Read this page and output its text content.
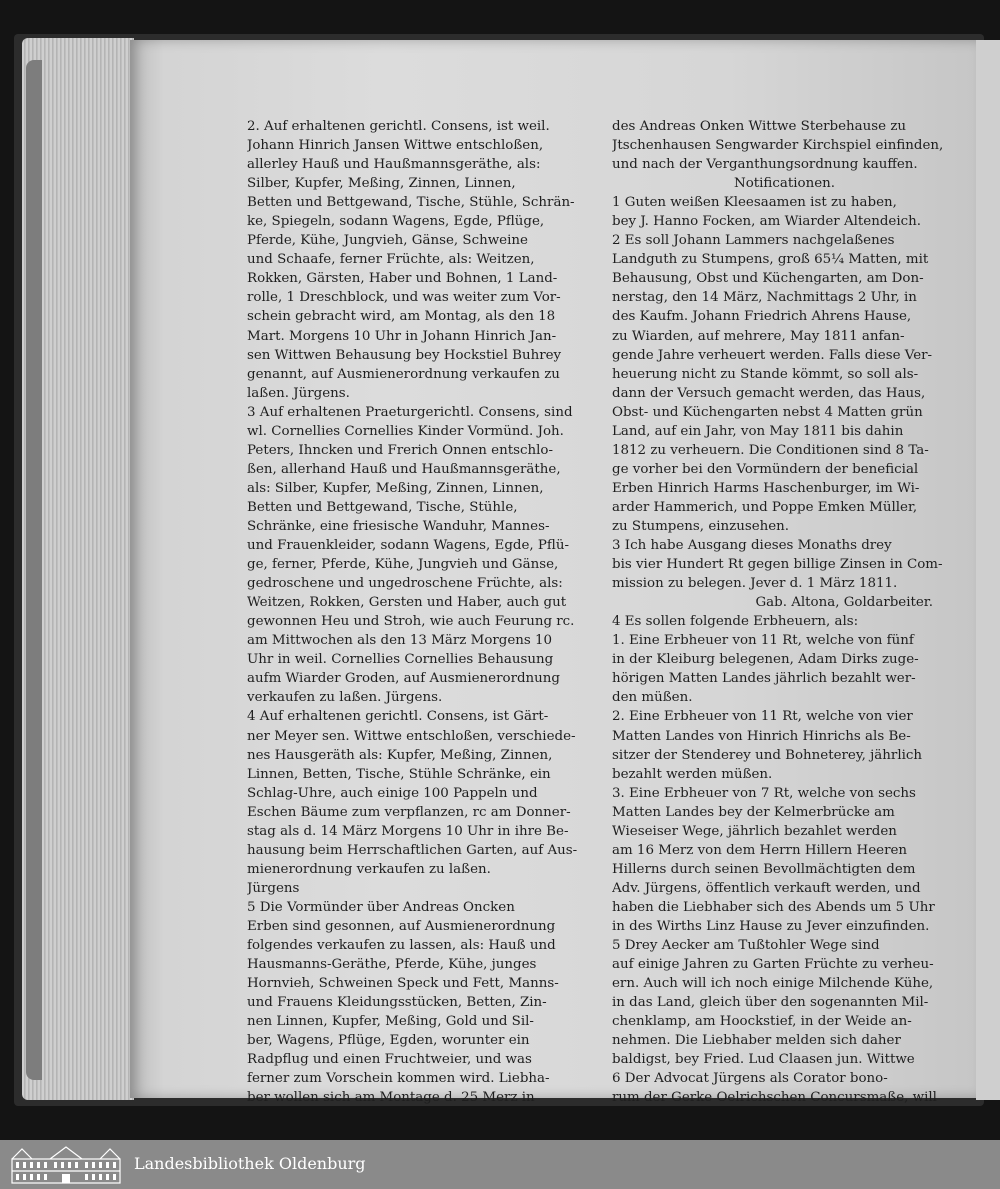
2. Auf erhaltenen gerichtl. Consens, ist weil.
Johann Hinrich Jansen Wittwe entschloßen,
allerley Hauß und Haußmannsgeräthe, als:
Silber, Kupfer, Meßing, Zinnen, Linnen,
Betten und Bettgewand, Tische, Stühle, Schrän-
ke, Spiegeln, sodann Wagens, Egde, Pflüge,
Pferde, Kühe, Jungvieh, Gänse, Schweine
und Schaafe, ferner Früchte, als: Weitzen,
Rokken, Gärsten, Haber und Bohnen, 1 Land-
rolle, 1 Dreschblock, und was weiter zum Vor-
schein gebracht wird, am Montag, als den 18
Mart. Morgens 10 Uhr in Johann Hinrich Jan-
sen Wittwen Behausung bey Hockstiel Buhrey
genannt, auf Ausmienerordnung verkaufen zu
laßen. Jürgens.
3 Auf erhaltenen Praeturgerichtl. Consens, sind
wl. Cornellies Cornellies Kinder Vormünd. Joh.
Peters, Ihncken und Frerich Onnen entschlo-
ßen, allerhand Hauß und Haußmannsgeräthe,
als: Silber, Kupfer, Meßing, Zinnen, Linnen,
Betten und Bettgewand, Tische, Stühle,
Schränke, eine friesische Wanduhr, Mannes-
und Frauenkleider, sodann Wagens, Egde, Pflü-
ge, ferner, Pferde, Kühe, Jungvieh und Gänse,
gedroschene und ungedroschene Früchte, als:
Weitzen, Rokken, Gersten und Haber, auch gut
gewonnen Heu und Stroh, wie auch Feurung rc.
am Mittwochen als den 13 März Morgens 10
Uhr in weil. Cornellies Cornellies Behausung
aufm Wiarder Groden, auf Ausmienerordnung
verkaufen zu laßen. Jürgens.
4 Auf erhaltenen gerichtl. Consens, ist Gärt-
ner Meyer sen. Wittwe entschloßen, verschiede-
nes Hausgeräth als: Kupfer, Meßing, Zinnen,
Linnen, Betten, Tische, Stühle Schränke, ein
Schlag-Uhre, auch einige 100 Pappeln und
Eschen Bäume zum verpflanzen, rc am Donner-
stag als d. 14 März Morgens 10 Uhr in ihre Be-
hausung beim Herrschaftlichen Garten, auf Aus-
mienerordnung verkaufen zu laßen.
Jürgens
5 Die Vormünder über Andreas Oncken
Erben sind gesonnen, auf Ausmienerordnung
folgendes verkaufen zu lassen, als: Hauß und
Hausmanns-Geräthe, Pferde, Kühe, junges
Hornvieh, Schweinen Speck und Fett, Manns-
und Frauens Kleidungsstücken, Betten, Zin-
nen Linnen, Kupfer, Meßing, Gold und Sil-
ber, Wagens, Pflüge, Egden, worunter ein
Radpflug und einen Fruchtweier, und was
ferner zum Vorschein kommen wird. Liebha-
ber wollen sich am Montage d. 25 Merz in
des Andreas Onken Wittwe Sterbehause zu
Jtschenhausen Sengwarder Kirchspiel einfinden,
und nach der Verganthungsordnung kauffen.
Notificationen.
1 Guten weißen Kleesaamen ist zu haben,
bey J. Hanno Focken, am Wiarder Altendeich.
2 Es soll Johann Lammers nachgelaßenes
Landguth zu Stumpens, groß 65¼ Matten, mit
Behausung, Obst und Küchengarten, am Don-
nerstag, den 14 März, Nachmittags 2 Uhr, in
des Kaufm. Johann Friedrich Ahrens Hause,
zu Wiarden, auf mehrere, May 1811 anfan-
gende Jahre verheuert werden. Falls diese Ver-
heuerung nicht zu Stande kömmt, so soll als-
dann der Versuch gemacht werden, das Haus,
Obst- und Küchengarten nebst 4 Matten grün
Land, auf ein Jahr, von May 1811 bis dahin
1812 zu verheuern. Die Conditionen sind 8 Ta-
ge vorher bei den Vormündern der beneficial
Erben Hinrich Harms Haschenburger, im Wi-
arder Hammerich, und Poppe Emken Müller,
zu Stumpens, einzusehen.
3 Ich habe Ausgang dieses Monaths drey
bis vier Hundert Rt gegen billige Zinsen in Com-
mission zu belegen. Jever d. 1 März 1811.
Gab. Altona, Goldarbeiter.
4 Es sollen folgende Erbheuern, als:
1. Eine Erbheuer von 11 Rt, welche von fünf
in der Kleiburg belegenen, Adam Dirks zuge-
hörigen Matten Landes jährlich bezahlt wer-
den müßen.
2. Eine Erbheuer von 11 Rt, welche von vier
Matten Landes von Hinrich Hinrichs als Be-
sitzer der Stenderey und Bohneterey, jährlich
bezahlt werden müßen.
3. Eine Erbheuer von 7 Rt, welche von sechs
Matten Landes bey der Kelmerbrücke am
Wieseiser Wege, jährlich bezahlet werden
am 16 Merz von dem Herrn Hillern Heeren
Hillerns durch seinen Bevollmächtigten dem
Adv. Jürgens, öffentlich verkauft werden, und
haben die Liebhaber sich des Abends um 5 Uhr
in des Wirths Linz Hause zu Jever einzufinden.
5 Drey Aecker am Tußtohler Wege sind
auf einige Jahren zu Garten Früchte zu verheu-
ern. Auch will ich noch einige Milchende Kühe,
in das Land, gleich über den sogenannten Mil-
chenklamp, am Hoockstief, in der Weide an-
nehmen. Die Liebhaber melden sich daher
baldigst, bey Fried. Lud Claasen jun. Wittwe
6 Der Advocat Jürgens als Corator bono-
rum der Gerke Oelrichschen Concursmaße, will
Landesbibliothek Oldenburg
